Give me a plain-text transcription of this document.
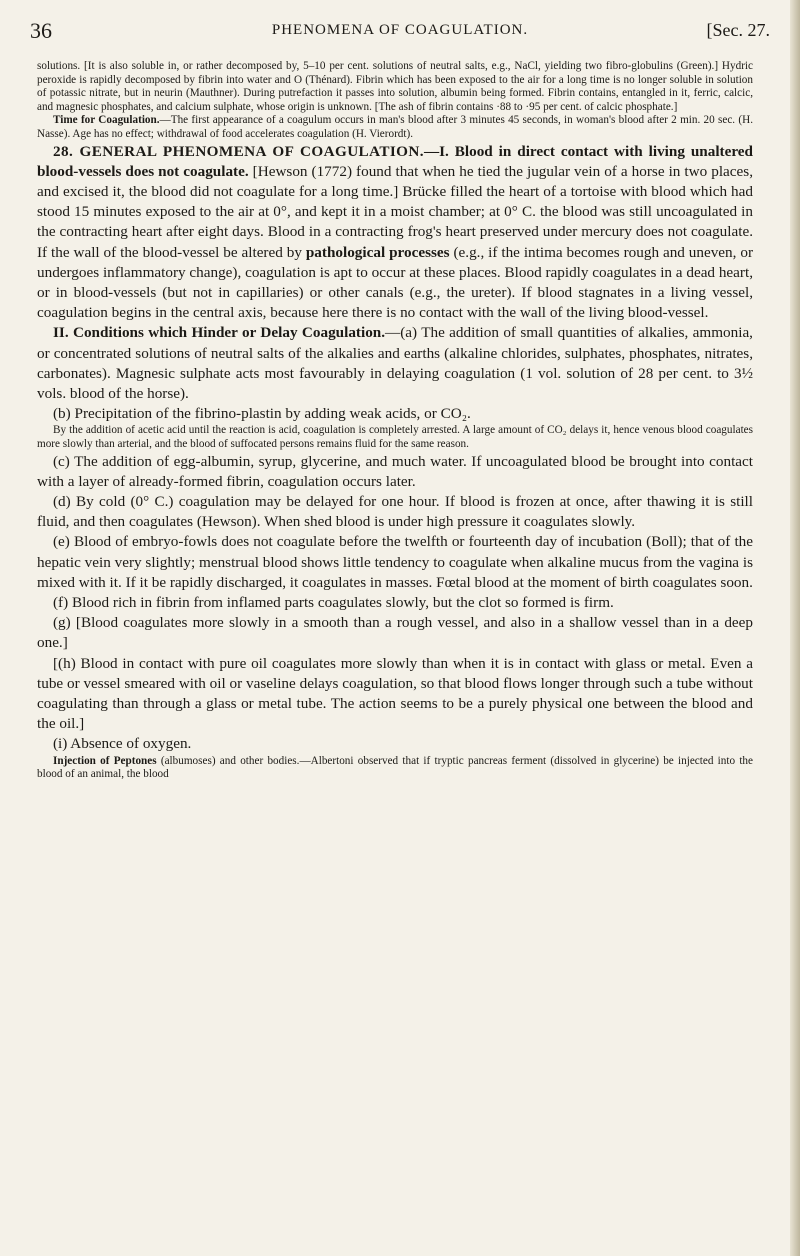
36	PHENOMENA OF COAGULATION.	[Sec. 27.

solutions. [It is also soluble in, or rather decomposed by, 5–10 per cent. solutions of neutral salts, e.g., NaCl, yielding two fibro-globulins (Green).] Hydric peroxide is rapidly decomposed by fibrin into water and O (Thénard). Fibrin which has been exposed to the air for a long time is no longer soluble in solution of potassic nitrate, but in neurin (Mauthner). During putrefaction it passes into solution, albumin being formed. Fibrin contains, entangled in it, ferric, calcic, and magnesic phosphates, and calcium sulphate, whose origin is unknown. [The ash of fibrin contains ·88 to ·95 per cent. of calcic phosphate.]

Time for Coagulation.—The first appearance of a coagulum occurs in man's blood after 3 minutes 45 seconds, in woman's blood after 2 min. 20 sec. (H. Nasse). Age has no effect; withdrawal of food accelerates coagulation (H. Vierordt).

28. GENERAL PHENOMENA OF COAGULATION.—I. Blood in direct contact with living unaltered blood-vessels does not coagulate. [Hewson (1772) found that when he tied the jugular vein of a horse in two places, and excised it, the blood did not coagulate for a long time.] Brücke filled the heart of a tortoise with blood which had stood 15 minutes exposed to the air at 0°, and kept it in a moist chamber; at 0° C. the blood was still uncoagulated in the contracting heart after eight days. Blood in a contracting frog's heart preserved under mercury does not coagulate. If the wall of the blood-vessel be altered by pathological processes (e.g., if the intima becomes rough and uneven, or undergoes inflammatory change), coagulation is apt to occur at these places. Blood rapidly coagulates in a dead heart, or in blood-vessels (but not in capillaries) or other canals (e.g., the ureter). If blood stagnates in a living vessel, coagulation begins in the central axis, because here there is no contact with the wall of the living blood-vessel.

II. Conditions which Hinder or Delay Coagulation.—(a) The addition of small quantities of alkalies, ammonia, or concentrated solutions of neutral salts of the alkalies and earths (alkaline chlorides, sulphates, phosphates, nitrates, carbonates). Magnesic sulphate acts most favourably in delaying coagulation (1 vol. solution of 28 per cent. to 3½ vols. blood of the horse).

(b) Precipitation of the fibrino-plastin by adding weak acids, or CO₂.

By the addition of acetic acid until the reaction is acid, coagulation is completely arrested. A large amount of CO₂ delays it, hence venous blood coagulates more slowly than arterial, and the blood of suffocated persons remains fluid for the same reason.

(c) The addition of egg-albumin, syrup, glycerine, and much water. If uncoagulated blood be brought into contact with a layer of already-formed fibrin, coagulation occurs later.

(d) By cold (0° C.) coagulation may be delayed for one hour. If blood is frozen at once, after thawing it is still fluid, and then coagulates (Hewson). When shed blood is under high pressure it coagulates slowly.

(e) Blood of embryo-fowls does not coagulate before the twelfth or fourteenth day of incubation (Boll); that of the hepatic vein very slightly; menstrual blood shows little tendency to coagulate when alkaline mucus from the vagina is mixed with it. If it be rapidly discharged, it coagulates in masses. Fœtal blood at the moment of birth coagulates soon.

(f) Blood rich in fibrin from inflamed parts coagulates slowly, but the clot so formed is firm.

(g) [Blood coagulates more slowly in a smooth than a rough vessel, and also in a shallow vessel than in a deep one.]

[(h) Blood in contact with pure oil coagulates more slowly than when it is in contact with glass or metal. Even a tube or vessel smeared with oil or vaseline delays coagulation, so that blood flows longer through such a tube without coagulating than through a glass or metal tube. The action seems to be a purely physical one between the blood and the oil.]

(i) Absence of oxygen.

Injection of Peptones (albumoses) and other bodies.—Albertoni observed that if tryptic pancreas ferment (dissolved in glycerine) be injected into the blood of an animal, the blood
